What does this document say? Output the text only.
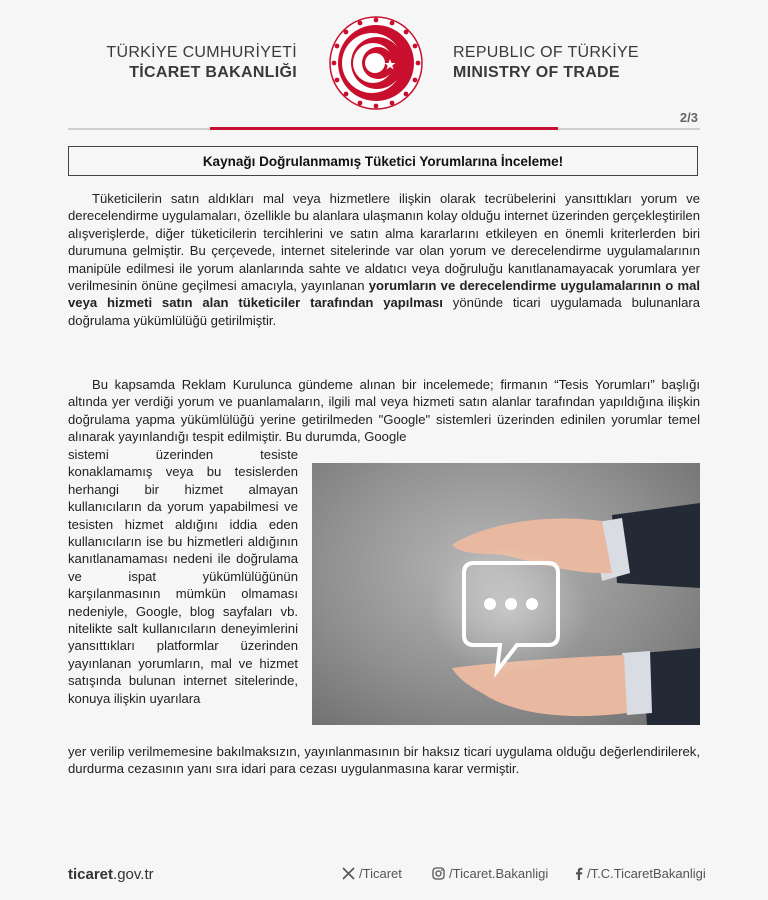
TÜRKİYE CUMHURİYETİ
TİCARET BAKANLIĞI
REPUBLIC OF TÜRKİYE
MINISTRY OF TRADE
2/3
Kaynağı Doğrulanmamış Tüketici Yorumlarına İnceleme!
Tüketicilerin satın aldıkları mal veya hizmetlere ilişkin olarak tecrübelerini yansıttıkları yorum ve derecelendirme uygulamaları, özellikle bu alanlara ulaşmanın kolay olduğu internet üzerinden gerçekleştirilen alışverişlerde, diğer tüketicilerin tercihlerini ve satın alma kararlarını etkileyen en önemli kriterlerden biri durumuna gelmiştir. Bu çerçevede, internet sitelerinde var olan yorum ve derecelendirme uygulamalarının manipüle edilmesi ile yorum alanlarında sahte ve aldatıcı veya doğruluğu kanıtlanamayacak yorumlara yer verilmesinin önüne geçilmesi amacıyla, yayınlanan yorumların ve derecelendirme uygulamalarının o mal veya hizmeti satın alan tüketiciler tarafından yapılması yönünde ticari uygulamada bulunanlara doğrulama yükümlülüğü getirilmiştir.
Bu kapsamda Reklam Kurulunca gündeme alınan bir incelemede; firmanın “Tesis Yorumları” başlığı altında yer verdiği yorum ve puanlamaların, ilgili mal veya hizmeti satın alanlar tarafından yapıldığına ilişkin doğrulama yapma yükümlülüğü yerine getirilmeden "Google" sistemleri üzerinden edinilen yorumlar temel alınarak yayınlandığı tespit edilmiştir. Bu durumda, Google
sistemi üzerinden tesiste konaklamamış veya bu tesislerden herhangi bir hizmet almayan kullanıcıların da yorum yapabilmesi ve tesisten hizmet aldığını iddia eden kullanıcıların ise bu hizmetleri aldığının kanıtlanamaması nedeni ile doğrulama ve ispat yükümlülüğünün karşılanmasının mümkün olmaması nedeniyle, Google, blog sayfaları vb. nitelikte salt kullanıcıların deneyimlerini yansıttıkları platformlar üzerinden yayınlanan yorumların, mal ve hizmet satışında bulunan internet sitelerinde, konuya ilişkin uyarılara
yer verilip verilmemesine bakılmaksızın, yayınlanmasının bir haksız ticari uygulama olduğu değerlendirilerek, durdurma cezasının yanı sıra idari para cezası uygulanmasına karar vermiştir.
ticaret.gov.tr	/Ticaret	/Ticaret.Bakanligi	/T.C.TicaretBakanligi
